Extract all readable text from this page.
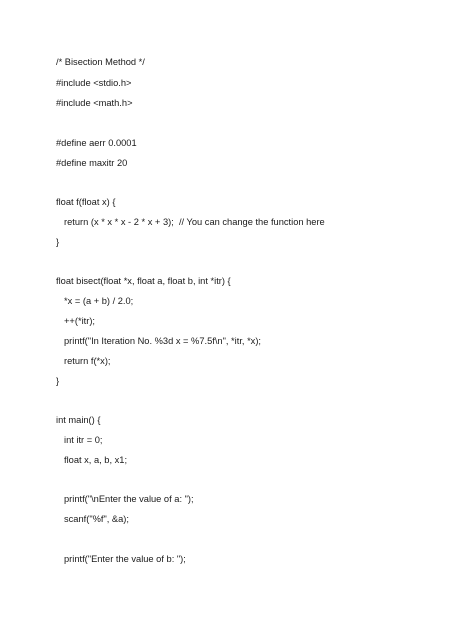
/* Bisection Method */
#include <stdio.h>
#include <math.h>
#define aerr 0.0001
#define maxitr 20
float f(float x) {
return (x * x * x - 2 * x + 3);  // You can change the function here
}
float bisect(float *x, float a, float b, int *itr) {
*x = (a + b) / 2.0;
++(*itr);
printf("In Iteration No. %3d x = %7.5f\n", *itr, *x);
return f(*x);
}
int main() {
int itr = 0;
float x, a, b, x1;
printf("\nEnter the value of a: ");
scanf("%f", &a);
printf("Enter the value of b: ");
